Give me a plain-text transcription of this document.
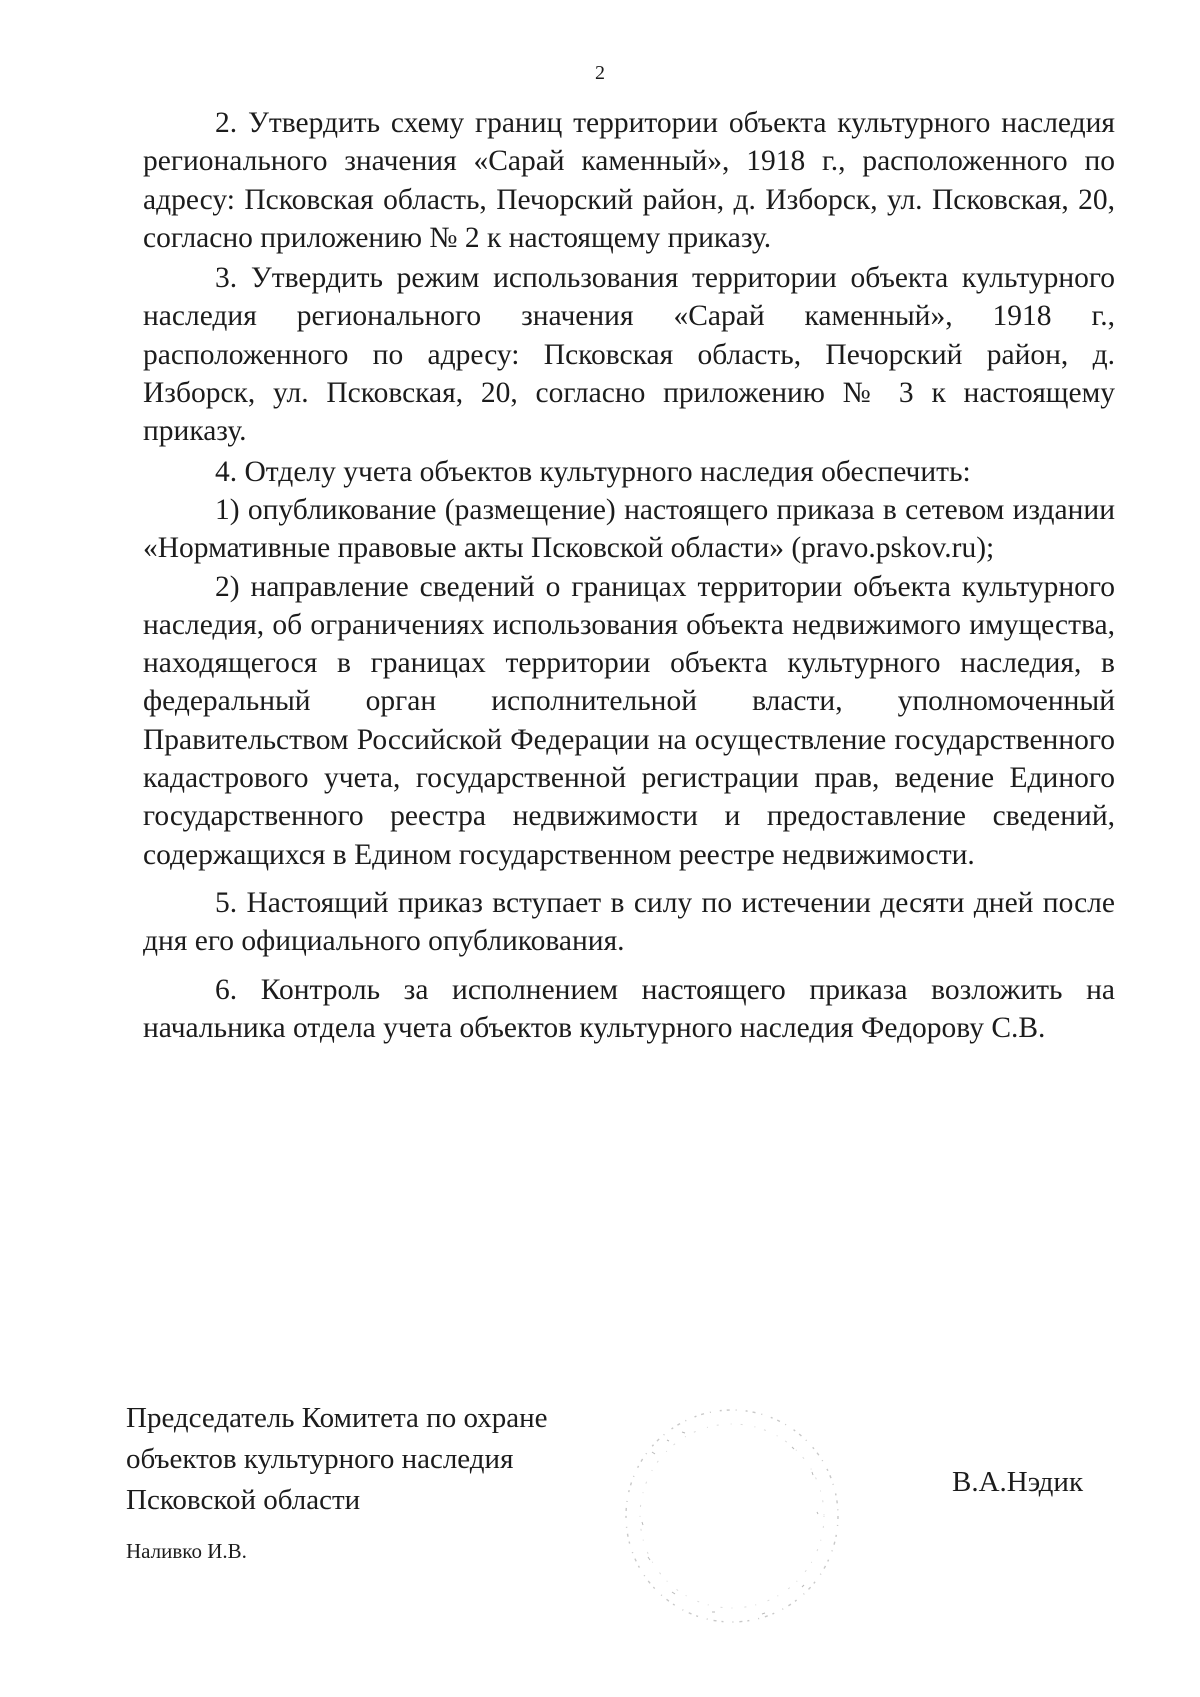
2

2. Утвердить схему границ территории объекта культурного наследия регионального значения «Сарай каменный», 1918 г., расположенного по адресу: Псковская область, Печорский район, д. Изборск, ул. Псковская, 20, согласно приложению № 2 к настоящему приказу.

3. Утвердить режим использования территории объекта культурного наследия регионального значения «Сарай каменный», 1918 г., расположенного по адресу: Псковская область, Печорский район, д. Изборск, ул. Псковская, 20, согласно приложению № 3 к настоящему приказу.

4. Отделу учета объектов культурного наследия обеспечить:

1) опубликование (размещение) настоящего приказа в сетевом издании «Нормативные правовые акты Псковской области» (pravo.pskov.ru);

2) направление сведений о границах территории объекта культурного наследия, об ограничениях использования объекта недвижимого имущества, находящегося в границах территории объекта культурного наследия, в федеральный орган исполнительной власти, уполномоченный Правительством Российской Федерации на осуществление государственного кадастрового учета, государственной регистрации прав, ведение Единого государственного реестра недвижимости и предоставление сведений, содержащихся в Едином государственном реестре недвижимости.

5. Настоящий приказ вступает в силу по истечении десяти дней после дня его официального опубликования.

6. Контроль за исполнением настоящего приказа возложить на начальника отдела учета объектов культурного наследия Федорову С.В.

Председатель Комитета по охране
объектов культурного наследия
Псковской области
В.А.Нэдик
Наливко И.В.
